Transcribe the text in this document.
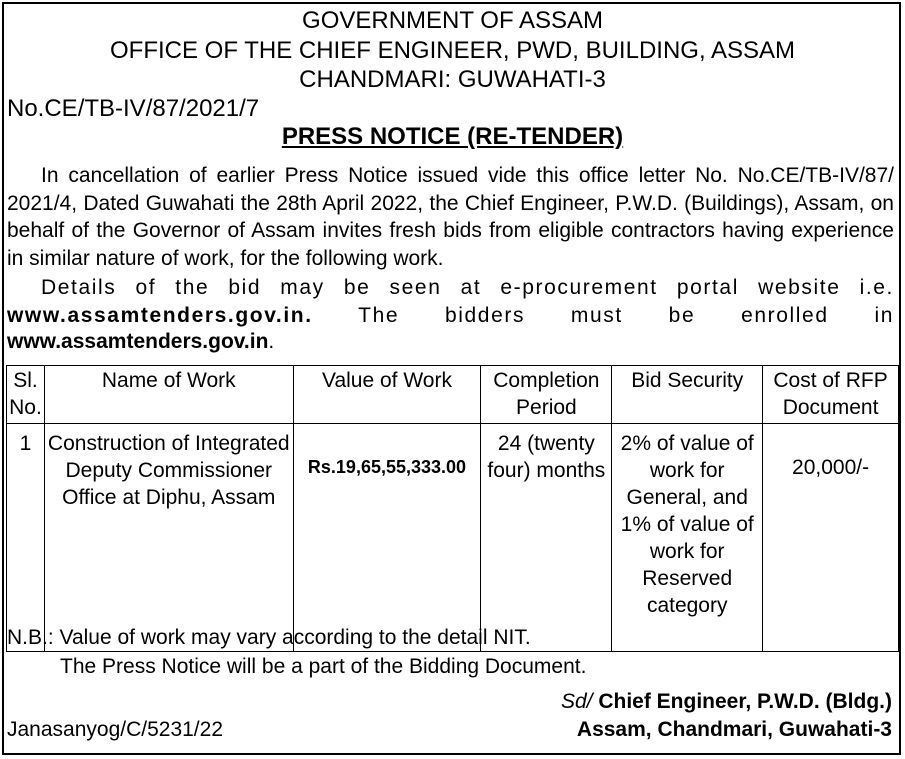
GOVERNMENT OF ASSAM
OFFICE OF THE CHIEF ENGINEER, PWD, BUILDING, ASSAM
CHANDMARI: GUWAHATI-3
No.CE/TB-IV/87/2021/7
PRESS NOTICE (RE-TENDER)
In cancellation of earlier Press Notice issued vide this office letter No. No.CE/TB-IV/87/ 2021/4, Dated Guwahati the 28th April 2022, the Chief Engineer, P.W.D. (Buildings), Assam, on behalf of the Governor of Assam invites fresh bids from eligible contractors having experience in similar nature of work, for the following work.
Details of the bid may be seen at e-procurement portal website i.e. www.assamtenders.gov.in. The bidders must be enrolled in
www.assamtenders.gov.in.
Sl. No.	Name of Work	Value of Work	Completion Period	Bid Security	Cost of RFP Document
1	Construction of Integrated Deputy Commissioner Office at Diphu, Assam	Rs.19,65,55,333.00	24 (twenty four) months	2% of value of work for General, and 1% of value of work for Reserved category	20,000/-
N.B.: Value of work may vary according to the detail NIT.
The Press Notice will be a part of the Bidding Document.
Sd/ Chief Engineer, P.W.D. (Bldg.)
Assam, Chandmari, Guwahati-3
Janasanyog/C/5231/22
